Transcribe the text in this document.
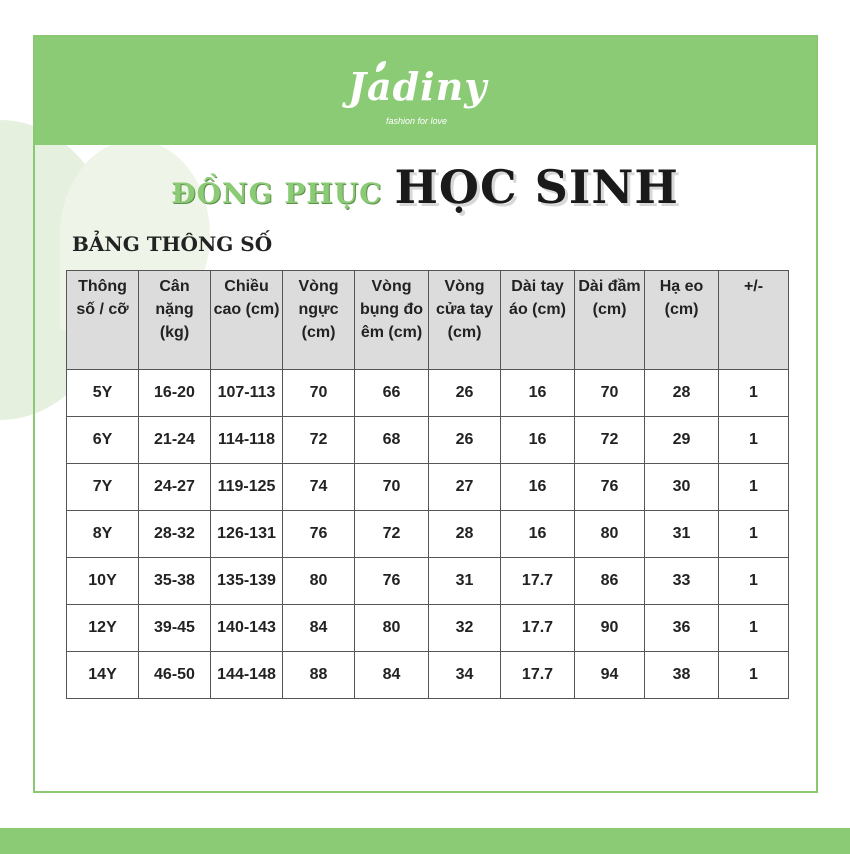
Jadiny
fashion for love
ĐỒNG PHỤC HỌC SINH
BẢNG THÔNG SỐ
Thông số / cỡ	Cân nặng (kg)	Chiều cao (cm)	Vòng ngực (cm)	Vòng bụng đo êm (cm)	Vòng cửa tay (cm)	Dài tay áo (cm)	Dài đầm (cm)	Hạ eo (cm)	+/-
5Y	16-20	107-113	70	66	26	16	70	28	1
6Y	21-24	114-118	72	68	26	16	72	29	1
7Y	24-27	119-125	74	70	27	16	76	30	1
8Y	28-32	126-131	76	72	28	16	80	31	1
10Y	35-38	135-139	80	76	31	17.7	86	33	1
12Y	39-45	140-143	84	80	32	17.7	90	36	1
14Y	46-50	144-148	88	84	34	17.7	94	38	1
